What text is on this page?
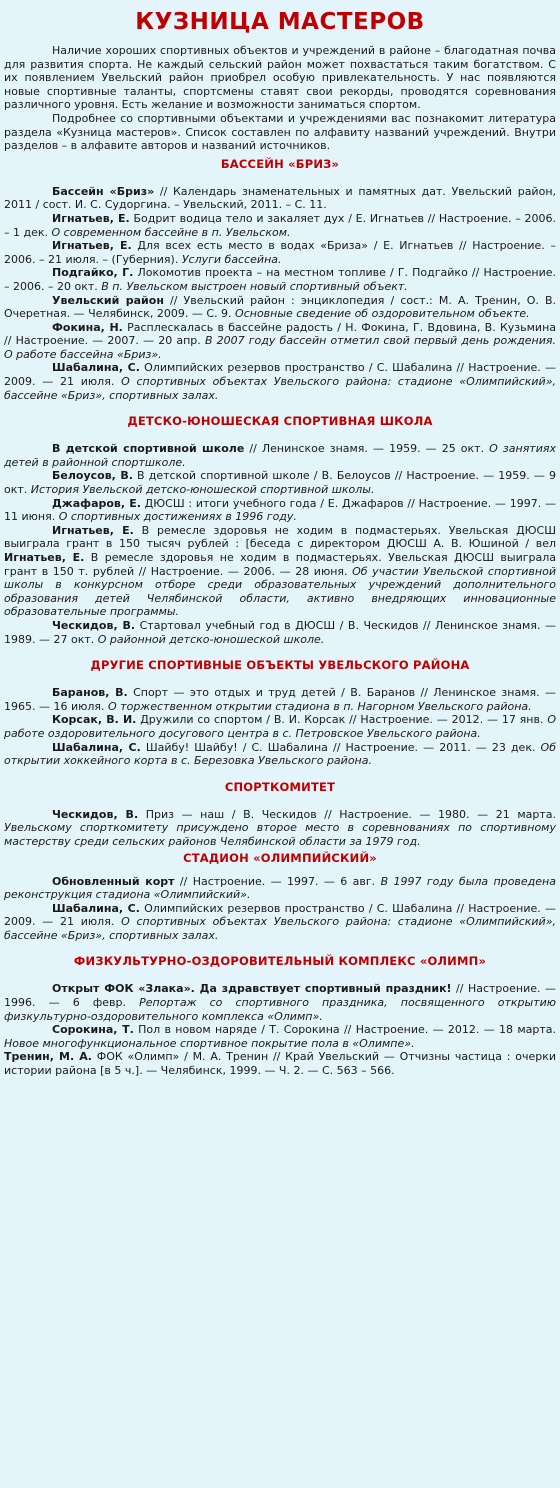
КУЗНИЦА МАСТЕРОВ

Наличие хороших спортивных объектов и учреждений в районе – благодатная почва для развития спорта. Не каждый сельский район может похвастаться таким богатством. С их появлением Увельский район приобрел особую привлекательность. У нас появляются новые спортивные таланты, спортсмены ставят свои рекорды, проводятся соревнования различного уровня. Есть желание и возможности заниматься спортом.

Подробнее со спортивными объектами и учреждениями вас познакомит литература раздела «Кузница мастеров». Список составлен по алфавиту названий учреждений. Внутри разделов – в алфавите авторов и названий источников.

БАССЕЙН «БРИЗ»

Бассейн «Бриз» // Календарь знаменательных и памятных дат. Увельский район, 2011 / сост. И. С. Судоргина. – Увельский, 2011. – С. 11.

Игнатьев, Е. Бодрит водица тело и закаляет дух / Е. Игнатьев // Настроение. – 2006. – 1 дек. О современном бассейне в п. Увельском.

Игнатьев, Е. Для всех есть место в водах «Бриза» / Е. Игнатьев // Настроение. – 2006. – 21 июля. – (Губерния). Услуги бассейна.

Подгайко, Г. Локомотив проекта – на местном топливе / Г. Подгайко // Настроение. – 2006. – 20 окт. В п. Увельском выстроен новый спортивный объект.

Увельский район // Увельский район : энциклопедия / сост.: М. А. Тренин, О. В. Очеретная. — Челябинск, 2009. — С. 9. Основные сведение об оздоровительном объекте.

Фокина, Н. Расплескалась в бассейне радость / Н. Фокина, Г. Вдовина, В. Кузьмина // Настроение. — 2007. — 20 апр. В 2007 году бассейн отметил свой первый день рождения. О работе бассейна «Бриз».

Шабалина, С. Олимпийских резервов пространство / С. Шабалина // Настроение. — 2009. — 21 июля. О спортивных объектах Увельского района: стадионе «Олимпийский», бассейне «Бриз», спортивных залах.

ДЕТСКО-ЮНОШЕСКАЯ СПОРТИВНАЯ ШКОЛА

В детской спортивной школе // Ленинское знамя. — 1959. — 25 окт. О занятиях детей в районной спортшколе.

Белоусов, В. В детской спортивной школе / В. Белоусов // Настроение. — 1959. — 9 окт. История Увельской детско-юношеской спортивной школы.

Джафаров, Е. ДЮСШ : итоги учебного года / Е. Джафаров // Настроение. — 1997. — 11 июня. О спортивных достижениях в 1996 году.

Игнатьев, Е. В ремесле здоровья не ходим в подмастерьях. Увельская ДЮСШ выиграла грант в 150 тысяч рублей : [беседа с директором ДЮСШ А. В. Юшиной / вел Игнатьев, Е. В ремесле здоровья не ходим в подмастерьях. Увельская ДЮСШ выиграла грант в 150 т. рублей // Настроение. — 2006. — 28 июня. Об участии Увельской спортивной школы в конкурсном отборе среди образовательных учреждений дополнительного образования детей Челябинской области, активно внедряющих инновационные образовательные программы.

Ческидов, В. Стартовал учебный год в ДЮСШ / В. Ческидов // Ленинское знамя. — 1989. — 27 окт. О районной детско-юношеской школе.

ДРУГИЕ СПОРТИВНЫЕ ОБЪЕКТЫ УВЕЛЬСКОГО РАЙОНА

Баранов, В. Спорт — это отдых и труд детей / В. Баранов // Ленинское знамя. — 1965. — 16 июля. О торжественном открытии стадиона в п. Нагорном Увельского района.

Корсак, В. И. Дружили со спортом / В. И. Корсак // Настроение. — 2012. — 17 янв. О работе оздоровительного досугового центра в с. Петровское Увельского района.

Шабалина, С. Шайбу! Шайбу! / С. Шабалина // Настроение. — 2011. — 23 дек. Об открытии хоккейного корта в с. Березовка Увельского района.

СПОРТКОМИТЕТ

Ческидов, В. Приз — наш / В. Ческидов // Настроение. — 1980. — 21 марта. Увельскому спорткомитету присуждено второе место в соревнованиях по спортивному мастерству среди сельских районов Челябинской области за 1979 год.

СТАДИОН «ОЛИМПИЙСКИЙ»

Обновленный корт // Настроение. — 1997. — 6 авг. В 1997 году была проведена реконструкция стадиона «Олимпийский».

Шабалина, С. Олимпийских резервов пространство / С. Шабалина // Настроение. — 2009. — 21 июля. О спортивных объектах Увельского района: стадионе «Олимпийский», бассейне «Бриз», спортивных залах.

ФИЗКУЛЬТУРНО-ОЗДОРОВИТЕЛЬНЫЙ КОМПЛЕКС «ОЛИМП»

Открыт ФОК «Злака». Да здравствует спортивный праздник! // Настроение. — 1996. — 6 февр. Репортаж со спортивного праздника, посвященного открытию физкультурно-оздоровительного комплекса «Олимп».

Сорокина, Т. Пол в новом наряде / Т. Сорокина // Настроение. — 2012. — 18 марта. Новое многофункциональное спортивное покрытие пола в «Олимпе».

Тренин, М. А. ФОК «Олимп» / М. А. Тренин // Край Увельский — Отчизны частица : очерки истории района [в 5 ч.]. — Челябинск, 1999. — Ч. 2. — С. 563 – 566.
